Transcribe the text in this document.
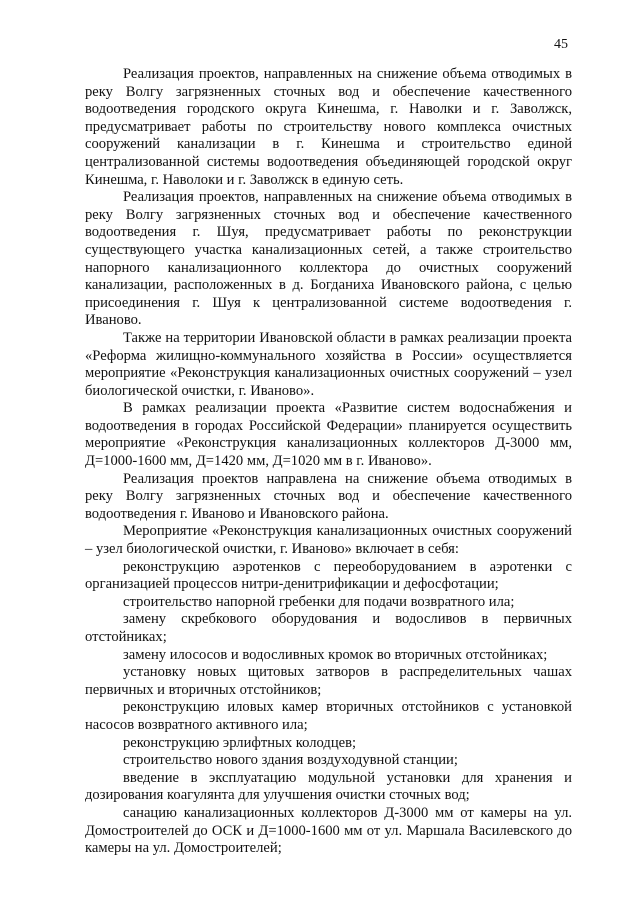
45

Реализация проектов, направленных на снижение объема отводимых в реку Волгу загрязненных сточных вод и обеспечение качественного водоотведения городского округа Кинешма, г. Наволки и г. Заволжск, предусматривает работы по строительству нового комплекса очистных сооружений канализации в г. Кинешма и строительство единой централизованной системы водоотведения объединяющей городской округ Кинешма, г. Наволоки и г. Заволжск в единую сеть.

Реализация проектов, направленных на снижение объема отводимых в реку Волгу загрязненных сточных вод и обеспечение качественного водоотведения г. Шуя, предусматривает работы по реконструкции существующего участка канализационных сетей, а также строительство напорного канализационного коллектора до очистных сооружений канализации, расположенных в д. Богданиха Ивановского района, с целью присоединения г. Шуя к централизованной системе водоотведения г. Иваново.

Также на территории Ивановской области в рамках реализации проекта «Реформа жилищно-коммунального хозяйства в России» осуществляется мероприятие «Реконструкция канализационных очистных сооружений – узел биологической очистки, г. Иваново».

В рамках реализации проекта «Развитие систем водоснабжения и водоотведения в городах Российской Федерации» планируется осуществить мероприятие «Реконструкция канализационных коллекторов Д-3000 мм, Д=1000-1600 мм, Д=1420 мм, Д=1020 мм в г. Иваново».

Реализация проектов направлена на снижение объема отводимых в реку Волгу загрязненных сточных вод и обеспечение качественного водоотведения г. Иваново и Ивановского района.

Мероприятие «Реконструкция канализационных очистных сооружений – узел биологической очистки, г. Иваново» включает в себя:

реконструкцию аэротенков с переоборудованием в аэротенки с организацией процессов нитри-денитрификации и дефосфотации;

строительство напорной гребенки для подачи возвратного ила;

замену скребкового оборудования и водосливов в первичных отстойниках;

замену илососов и водосливных кромок во вторичных отстойниках;

установку новых щитовых затворов в распределительных чашах первичных и вторичных отстойников;

реконструкцию иловых камер вторичных отстойников с установкой насосов возвратного активного ила;

реконструкцию эрлифтных колодцев;

строительство нового здания воздуходувной станции;

введение в эксплуатацию модульной установки для хранения и дозирования коагулянта для улучшения очистки сточных вод;

санацию канализационных коллекторов Д-3000 мм от камеры на ул. Домостроителей до ОСК и Д=1000-1600 мм от ул. Маршала Василевского до камеры на ул. Домостроителей;
